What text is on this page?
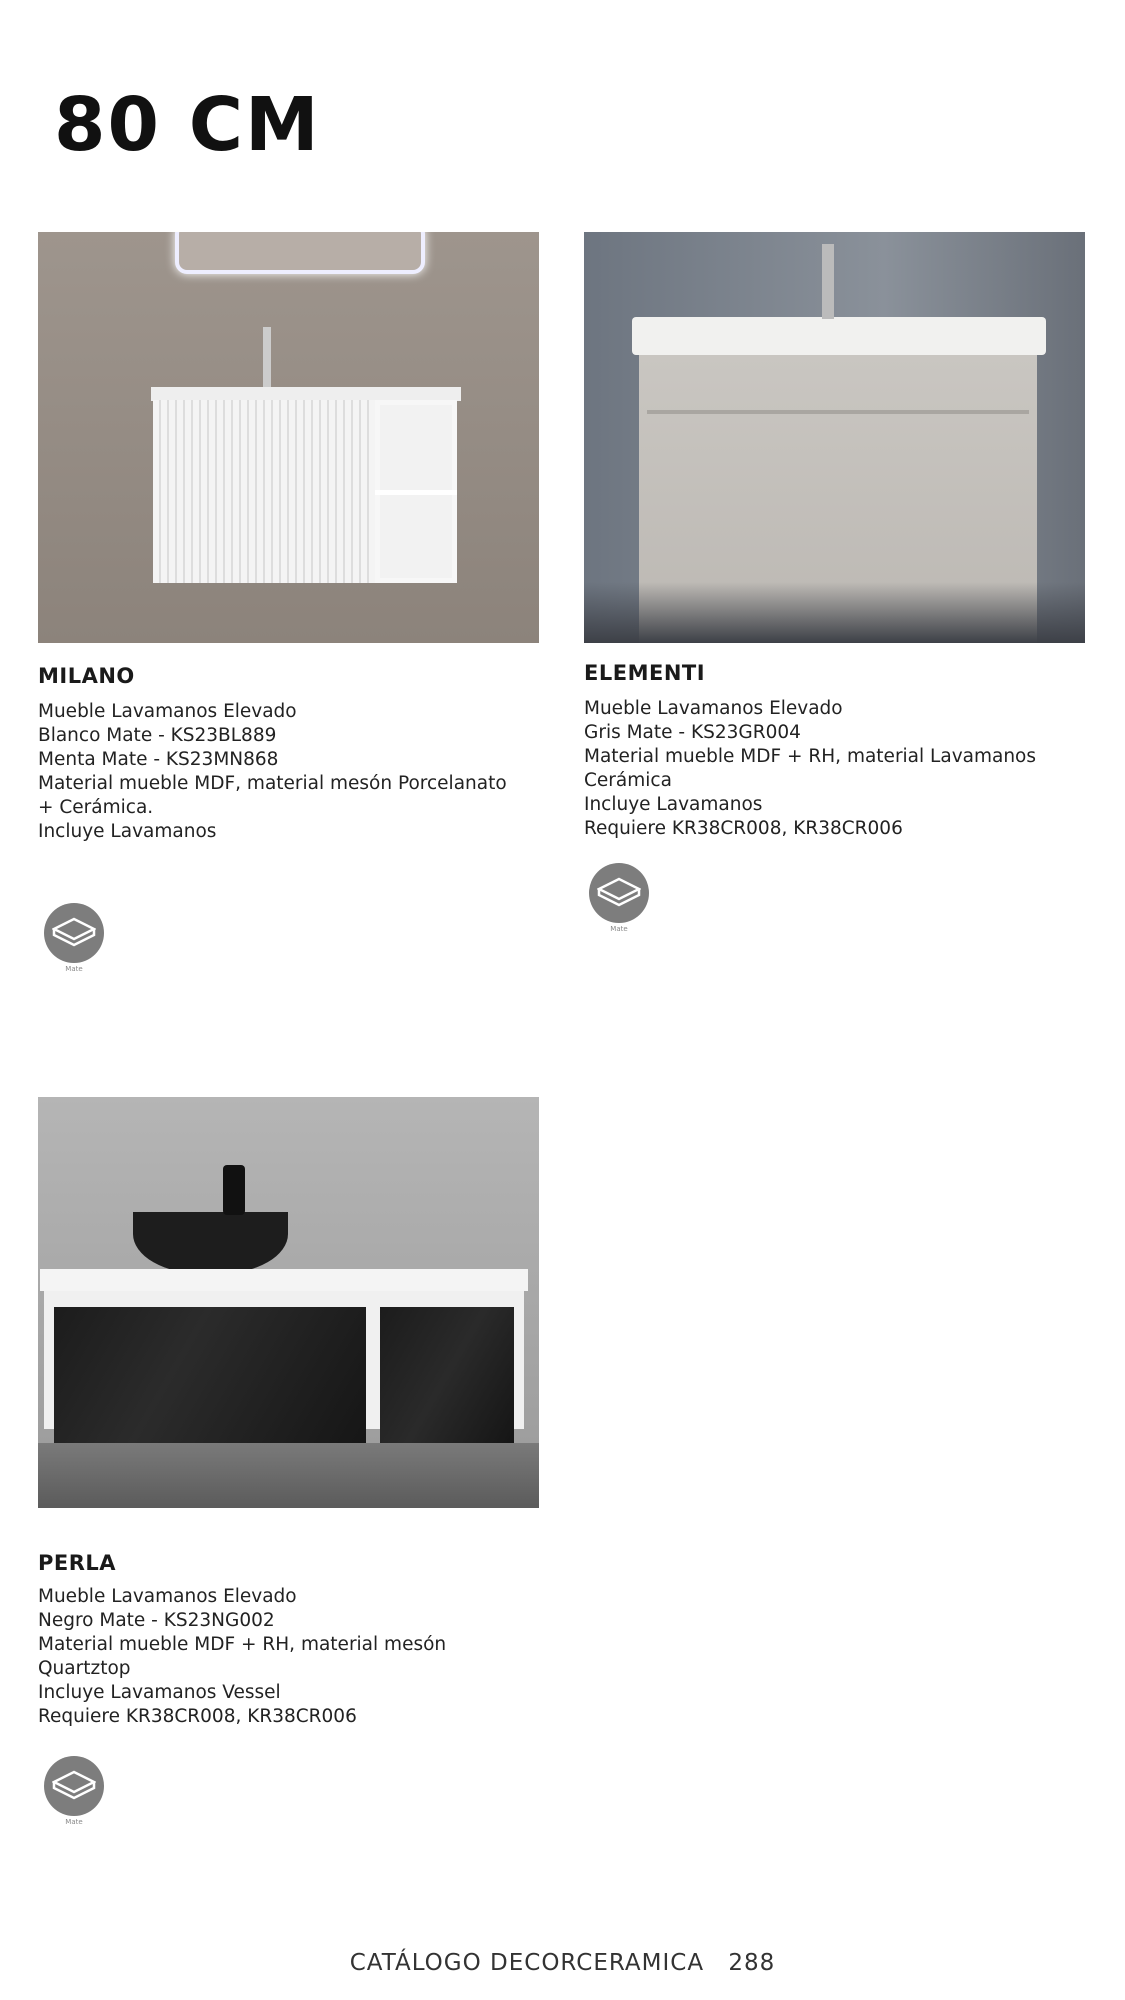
80 CM
MILANO
Mueble Lavamanos Elevado
Blanco Mate - KS23BL889
Menta Mate - KS23MN868
Material mueble MDF, material mesón Porcelanato
+ Cerámica.
Incluye Lavamanos
Mate
ELEMENTI
Mueble Lavamanos Elevado
Gris Mate - KS23GR004
Material mueble MDF + RH, material Lavamanos
Cerámica
Incluye Lavamanos
Requiere KR38CR008, KR38CR006
Mate
PERLA
Mueble Lavamanos Elevado
Negro Mate - KS23NG002
Material mueble MDF + RH, material mesón
Quartztop
Incluye Lavamanos Vessel
Requiere KR38CR008, KR38CR006
Mate
CATÁLOGO DECORCERAMICA 288
